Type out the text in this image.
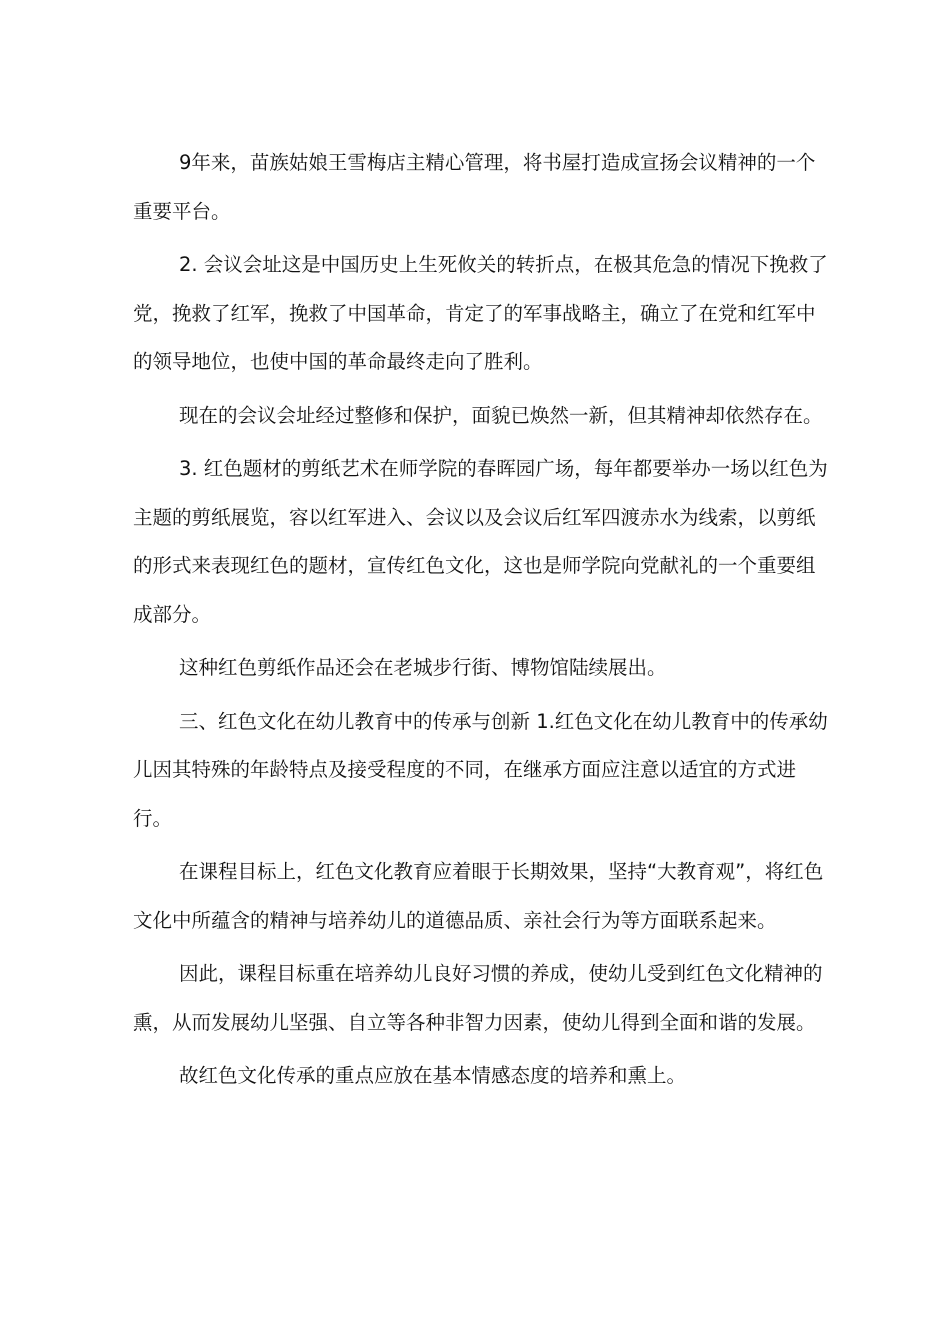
9年来，苗族姑娘王雪梅店主精心管理，将书屋打造成宣扬会议精神的一个重要平台。

2. 会议会址这是中国历史上生死攸关的转折点，在极其危急的情况下挽救了党，挽救了红军，挽救了中国革命，肯定了的军事战略主，确立了在党和红军中的领导地位，也使中国的革命最终走向了胜利。

现在的会议会址经过整修和保护，面貌已焕然一新，但其精神却依然存在。

3. 红色题材的剪纸艺术在师学院的春晖园广场，每年都要举办一场以红色为主题的剪纸展览，容以红军进入、会议以及会议后红军四渡赤水为线索，以剪纸的形式来表现红色的题材，宣传红色文化，这也是师学院向党献礼的一个重要组成部分。

这种红色剪纸作品还会在老城步行街、博物馆陆续展出。

三、红色文化在幼儿教育中的传承与创新 1.红色文化在幼儿教育中的传承幼儿因其特殊的年龄特点及接受程度的不同，在继承方面应注意以适宜的方式进行。

在课程目标上，红色文化教育应着眼于长期效果，坚持“大教育观”，将红色文化中所蕴含的精神与培养幼儿的道德品质、亲社会行为等方面联系起来。

因此，课程目标重在培养幼儿良好习惯的养成，使幼儿受到红色文化精神的熏，从而发展幼儿坚强、自立等各种非智力因素，使幼儿得到全面和谐的发展。

故红色文化传承的重点应放在基本情感态度的培养和熏上。
